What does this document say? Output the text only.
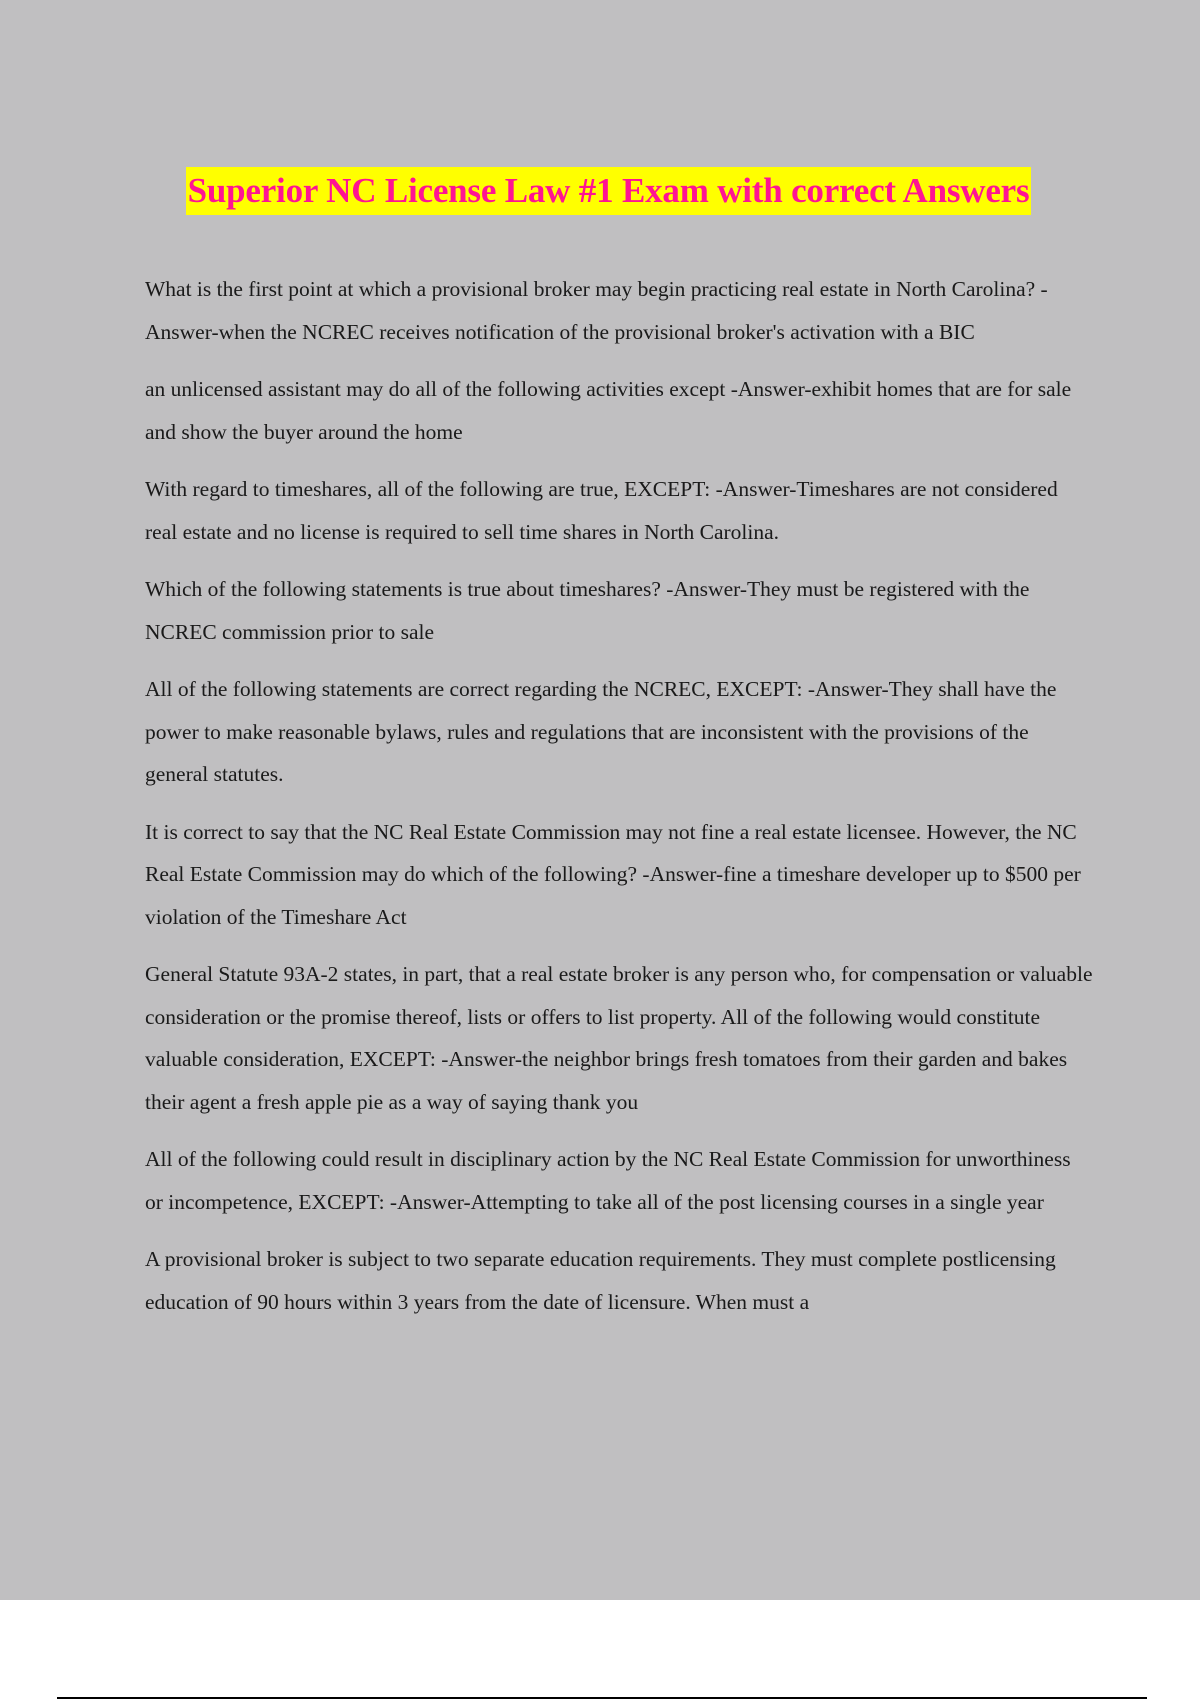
Superior NC License Law #1 Exam with correct Answers

What is the first point at which a provisional broker may begin practicing real estate in North Carolina? -Answer-when the NCREC receives notification of the provisional broker's activation with a BIC

an unlicensed assistant may do all of the following activities except -Answer-exhibit homes that are for sale and show the buyer around the home

With regard to timeshares, all of the following are true, EXCEPT: -Answer-Timeshares are not considered real estate and no license is required to sell time shares in North Carolina.

Which of the following statements is true about timeshares? -Answer-They must be registered with the NCREC commission prior to sale

All of the following statements are correct regarding the NCREC, EXCEPT: -Answer-They shall have the power to make reasonable bylaws, rules and regulations that are inconsistent with the provisions of the general statutes.

It is correct to say that the NC Real Estate Commission may not fine a real estate licensee. However, the NC Real Estate Commission may do which of the following? -Answer-fine a timeshare developer up to $500 per violation of the Timeshare Act

General Statute 93A-2 states, in part, that a real estate broker is any person who, for compensation or valuable consideration or the promise thereof, lists or offers to list property. All of the following would constitute valuable consideration, EXCEPT: -Answer-the neighbor brings fresh tomatoes from their garden and bakes their agent a fresh apple pie as a way of saying thank you

All of the following could result in disciplinary action by the NC Real Estate Commission for unworthiness or incompetence, EXCEPT: -Answer-Attempting to take all of the post licensing courses in a single year

A provisional broker is subject to two separate education requirements. They must complete postlicensing education of 90 hours within 3 years from the date of licensure. When must a
